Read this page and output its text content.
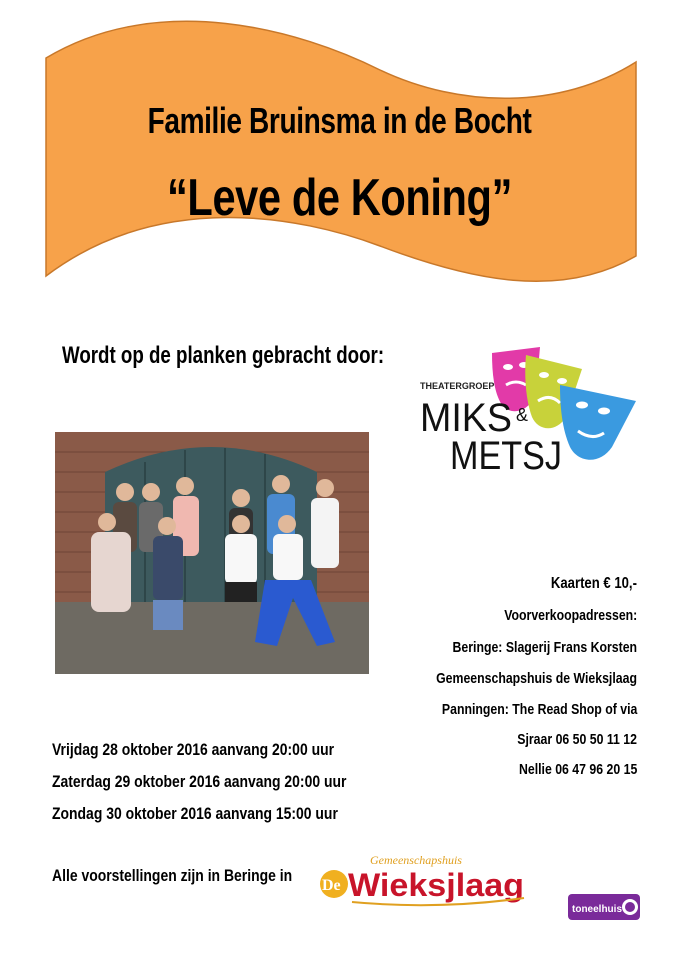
Familie Bruinsma in de Bocht
“Leve de Koning”
Wordt op de planken gebracht door:
THEATERGROEP
MIKS &
METSJ
Kaarten € 10,-
Voorverkoopadressen:
Beringe: Slagerij Frans Korsten
Gemeenschapshuis de Wieksjlaag
Panningen: The Read Shop of via
Sjraar 06 50 50 11 12
Nellie 06 47 96 20 15
Vrijdag 28 oktober 2016 aanvang 20:00 uur
Zaterdag 29 oktober 2016 aanvang 20:00 uur
Zondag 30 oktober 2016 aanvang 15:00 uur
Alle voorstellingen zijn in Beringe in
Gemeenschapshuis
De Wieksjlaag
toneelhuis
